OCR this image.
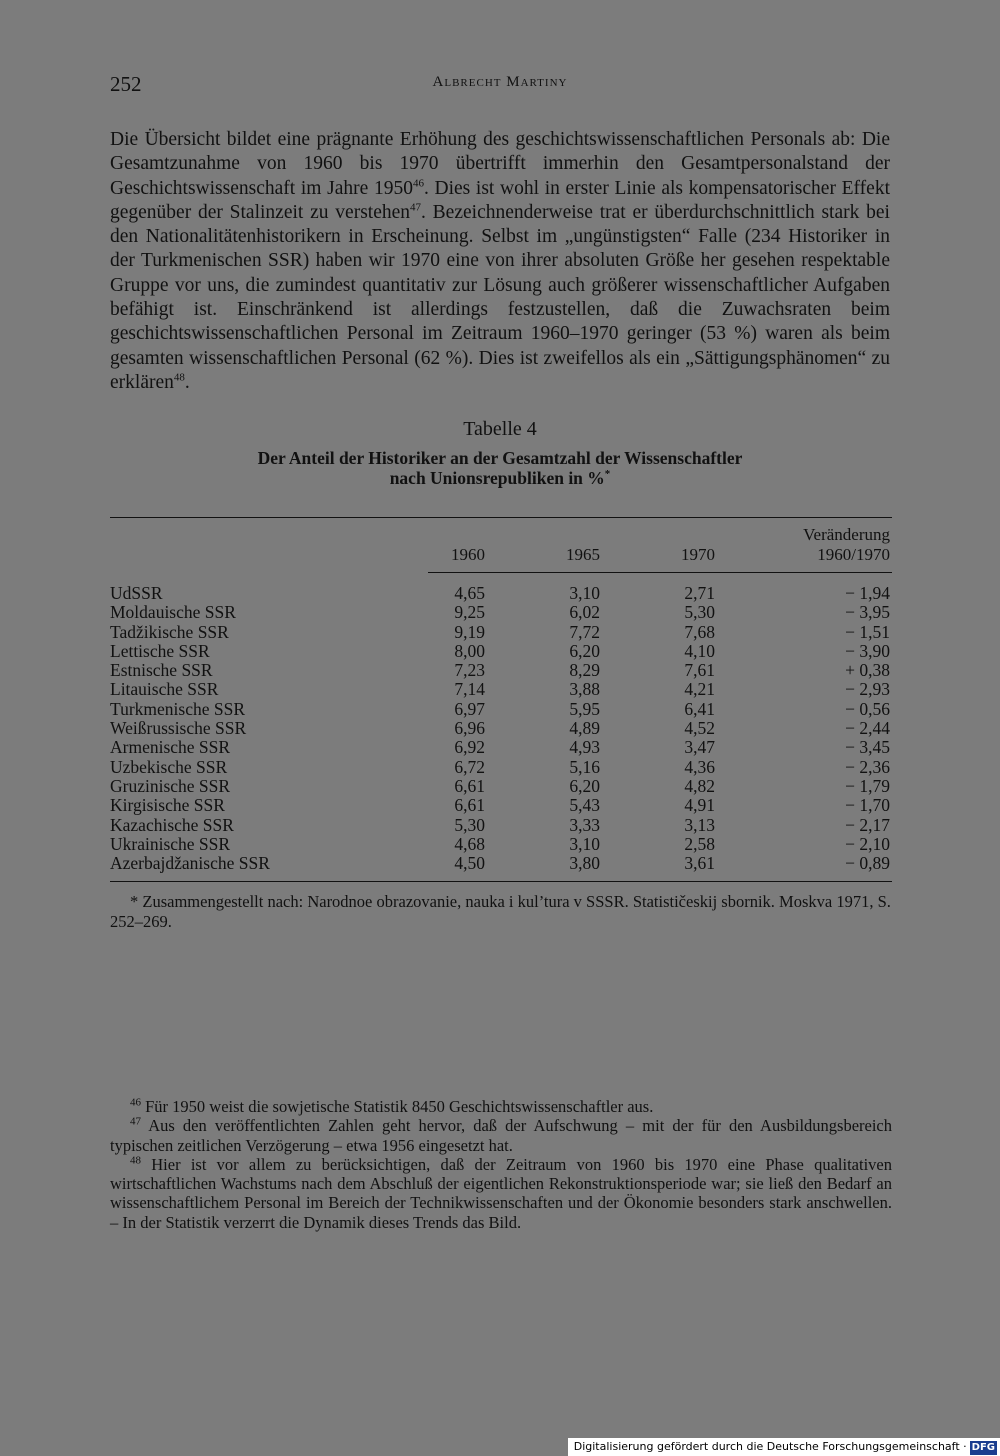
252	Albrecht Martiny
Die Übersicht bildet eine prägnante Erhöhung des geschichtswissenschaftlichen Personals ab: Die Gesamtzunahme von 1960 bis 1970 übertrifft immerhin den Gesamtpersonalstand der Geschichtswissenschaft im Jahre 1950$^{46}$. Dies ist wohl in erster Linie als kompensatorischer Effekt gegenüber der Stalinzeit zu verstehen$^{47}$. Bezeichnenderweise trat er überdurchschnittlich stark bei den Nationalitätenhistorikern in Erscheinung. Selbst im „ungünstigsten“ Falle (234 Historiker in der Turkmenischen SSR) haben wir 1970 eine von ihrer absoluten Größe her gesehen respektable Gruppe vor uns, die zumindest quantitativ zur Lösung auch größerer wissenschaftlicher Aufgaben befähigt ist. Einschränkend ist allerdings festzustellen, daß die Zuwachsraten beim geschichtswissenschaftlichen Personal im Zeitraum 1960–1970 geringer (53 %) waren als beim gesamten wissenschaftlichen Personal (62 %). Dies ist zweifellos als ein „Sättigungsphänomen“ zu erklären$^{48}$.
Tabelle 4
Der Anteil der Historiker an der Gesamtzahl der Wissenschaftler
nach Unionsrepubliken in %*
1960	1965	1970
Veränderung
1960/1970
UdSSR	4,65	3,10	2,71	− 1,94
Moldauische SSR	9,25	6,02	5,30	− 3,95
Tadžikische SSR	9,19	7,72	7,68	− 1,51
Lettische SSR	8,00	6,20	4,10	− 3,90
Estnische SSR	7,23	8,29	7,61	+ 0,38
Litauische SSR	7,14	3,88	4,21	− 2,93
Turkmenische SSR	6,97	5,95	6,41	− 0,56
Weißrussische SSR	6,96	4,89	4,52	− 2,44
Armenische SSR	6,92	4,93	3,47	− 3,45
Uzbekische SSR	6,72	5,16	4,36	− 2,36
Gruzinische SSR	6,61	6,20	4,82	− 1,79
Kirgisische SSR	6,61	5,43	4,91	− 1,70
Kazachische SSR	5,30	3,33	3,13	− 2,17
Ukrainische SSR	4,68	3,10	2,58	− 2,10
Azerbajdžanische SSR	4,50	3,80	3,61	− 0,89
* Zusammengestellt nach: Narodnoe obrazovanie, nauka i kul’tura v SSSR. Statističeskij sbornik. Moskva 1971, S. 252–269.

$^{46}$ Für 1950 weist die sowjetische Statistik 8450 Geschichtswissenschaftler aus.

$^{47}$ Aus den veröffentlichten Zahlen geht hervor, daß der Aufschwung – mit der für den Ausbildungsbereich typischen zeitlichen Verzögerung – etwa 1956 eingesetzt hat.

$^{48}$ Hier ist vor allem zu berücksichtigen, daß der Zeitraum von 1960 bis 1970 eine Phase qualitativen wirtschaftlichen Wachstums nach dem Abschluß der eigentlichen Rekonstruktionsperiode war; sie ließ den Bedarf an wissenschaftlichem Personal im Bereich der Technikwissenschaften und der Ökonomie besonders stark anschwellen. – In der Statistik verzerrt die Dynamik dieses Trends das Bild.

Digitalisierung gefördert durch die Deutsche Forschungsgemeinschaft · DFG
